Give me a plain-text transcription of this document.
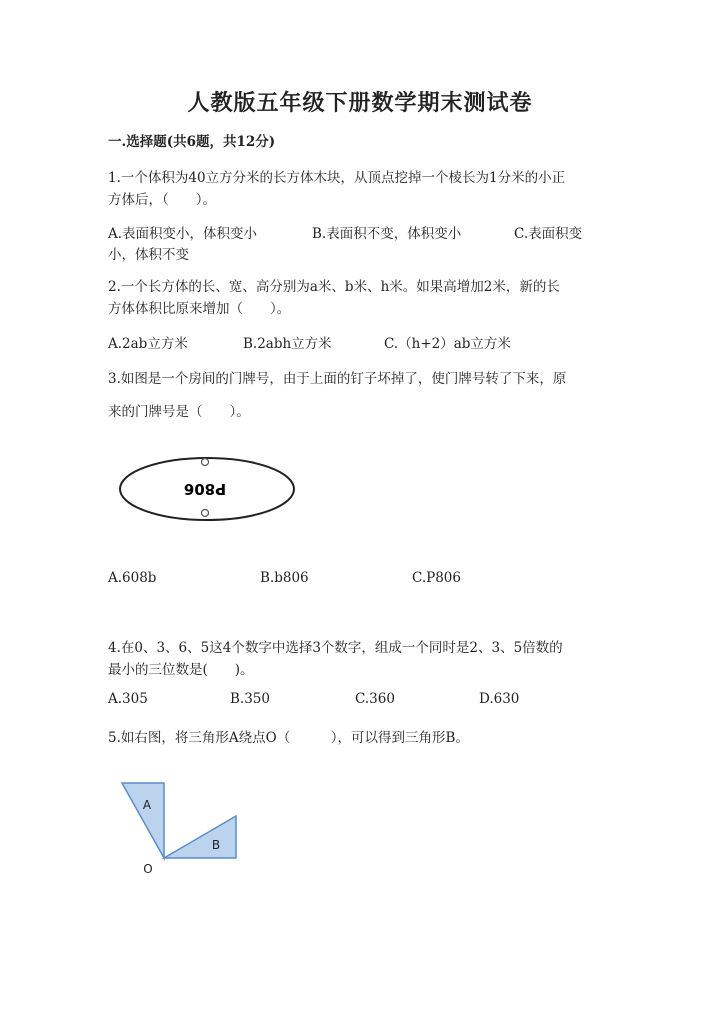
人教版五年级下册数学期末测试卷
一.选择题(共6题，共12分)
1.一个体积为40立方分米的长方体木块，从顶点挖掉一个棱长为1分米的小正
方体后，（　　）。
A.表面积变小，体积变小	B.表面积不变，体积变小	C.表面积变
小，体积不变
2.一个长方体的长、宽、高分别为a米、b米、h米。如果高增加2米，新的长
方体体积比原来增加（　　）。
A.2ab立方米	B.2abh立方米	C.（h+2）ab立方米
3.如图是一个房间的门牌号，由于上面的钉子坏掉了，使门牌号转了下来，原
来的门牌号是（　　）。
P806
A.608b	B.b806	C.P806
4.在0、3、6、5这4个数字中选择3个数字，组成一个同时是2、3、5倍数的
最小的三位数是(　　)。
A.305	B.350	C.360	D.630
5.如右图，将三角形A绕点O（　　　），可以得到三角形B。
A
B
O
